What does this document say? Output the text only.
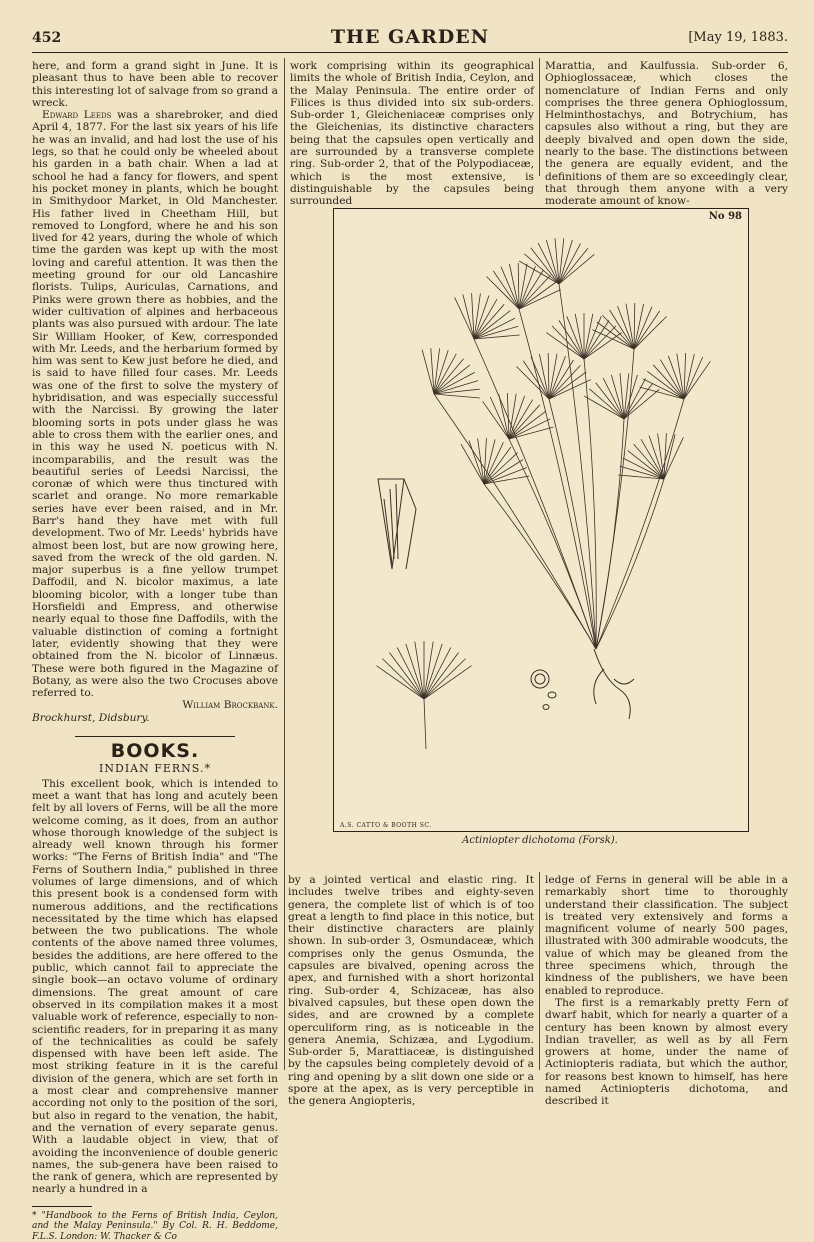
452	THE GARDEN	[May 19, 1883.

here, and form a grand sight in June. It is pleasant thus to have been able to recover this interesting lot of salvage from so grand a wreck.

Edward Leeds was a sharebroker, and died April 4, 1877. For the last six years of his life he was an invalid, and had lost the use of his legs, so that he could only be wheeled about his garden in a bath chair. When a lad at school he had a fancy for flowers, and spent his pocket money in plants, which he bought in Smithydoor Market, in Old Manchester. His father lived in Cheetham Hill, but removed to Longford, where he and his son lived for 42 years, during the whole of which time the garden was kept up with the most loving and careful attention. It was then the meeting ground for our old Lancashire florists. Tulips, Auriculas, Carnations, and Pinks were grown there as hobbies, and the wider cultivation of alpines and herbaceous plants was also pursued with ardour. The late Sir William Hooker, of Kew, corresponded with Mr. Leeds, and the herbarium formed by him was sent to Kew just before he died, and is said to have filled four cases. Mr. Leeds was one of the first to solve the mystery of hybridisation, and was especially successful with the Narcissi. By growing the later blooming sorts in pots under glass he was able to cross them with the earlier ones, and in this way he used N. poeticus with N. incomparabilis, and the result was the beautiful series of Leedsi Narcissi, the coronæ of which were thus tinctured with scarlet and orange. No more remarkable series have ever been raised, and in Mr. Barr's hand they have met with full development. Two of Mr. Leeds' hybrids have almost been lost, but are now growing here, saved from the wreck of the old garden. N. major superbus is a fine yellow trumpet Daffodil, and N. bicolor maximus, a late blooming bicolor, with a longer tube than Horsfieldi and Empress, and otherwise nearly equal to those fine Daffodils, with the valuable distinction of coming a fortnight later, evidently showing that they were obtained from the N. bicolor of Linnæus. These were both figured in the Magazine of Botany, as were also the two Crocuses above referred to.

William Brockbank.

Brockhurst, Didsbury.

BOOKS.
INDIAN FERNS.*

This excellent book, which is intended to meet a want that has long and acutely been felt by all lovers of Ferns, will be all the more welcome coming, as it does, from an author whose thorough knowledge of the subject is already well known through his former works: "The Ferns of British India" and "The Ferns of Southern India," published in three volumes of large dimensions, and of which this present book is a condensed form with numerous additions, and the rectifications necessitated by the time which has elapsed between the two publications. The whole contents of the above named three volumes, besides the additions, are here offered to the public, which cannot fail to appreciate the single book—an octavo volume of ordinary dimensions. The great amount of care observed in its compilation makes it a most valuable work of reference, especially to non-scientific readers, for in preparing it as many of the technicalities as could be safely dispensed with have been left aside. The most striking feature in it is the careful division of the genera, which are set forth in a most clear and comprehensive manner according not only to the position of the sori, but also in regard to the venation, the habit, and the vernation of every separate genus. With a laudable object in view, that of avoiding the inconvenience of double generic names, the sub-genera have been raised to the rank of genera, which are represented by nearly a hundred in a

* "Handbook to the Ferns of British India, Ceylon, and the Malay Peninsula." By Col. R. H. Beddome, F.L.S. London: W. Thacker & Co

work comprising within its geographical limits the whole of British India, Ceylon, and the Malay Peninsula. The entire order of Filices is thus divided into six sub-orders. Sub-order 1, Gleicheniaceæ comprises only the Gleichenias, its distinctive characters being that the capsules open vertically and are surrounded by a transverse complete ring. Sub-order 2, that of the Polypodiaceæ, which is the most extensive, is distinguishable by the capsules being surrounded

Marattia, and Kaulfussia. Sub-order 6, Ophioglossaceæ, which closes the nomenclature of Indian Ferns and only comprises the three genera Ophioglossum, Helminthostachys, and Botrychium, has capsules also without a ring, but they are deeply bivalved and open down the side, nearly to the base. The distinctions between the genera are equally evident, and the definitions of them are so exceedingly clear, that through them anyone with a very moderate amount of know-

No 98
A.S. CATTO & BOOTH SC.
Actiniopter dichotoma (Forsk).

by a jointed vertical and elastic ring. It includes twelve tribes and eighty-seven genera, the complete list of which is of too great a length to find place in this notice, but their distinctive characters are plainly shown. In sub-order 3, Osmundaceæ, which comprises only the genus Osmunda, the capsules are bivalved, opening across the apex, and furnished with a short horizontal ring. Sub-order 4, Schizaceæ, has also bivalved capsules, but these open down the sides, and are crowned by a complete operculiform ring, as is noticeable in the genera Anemia, Schizæa, and Lygodium. Sub-order 5, Marattiaceæ, is distinguished by the capsules being completely devoid of a ring and opening by a slit down one side or a spore at the apex, as is very perceptible in the genera Angiopteris,

ledge of Ferns in general will be able in a remarkably short time to thoroughly understand their classification. The subject is treated very extensively and forms a magnificent volume of nearly 500 pages, illustrated with 300 admirable woodcuts, the value of which may be gleaned from the three specimens which, through the kindness of the publishers, we have been enabled to reproduce.

The first is a remarkably pretty Fern of dwarf habit, which for nearly a quarter of a century has been known by almost every Indian traveller, as well as by all Fern growers at home, under the name of Actiniopteris radiata, but which the author, for reasons best known to himself, has here named Actiniopteris dichotoma, and described it
